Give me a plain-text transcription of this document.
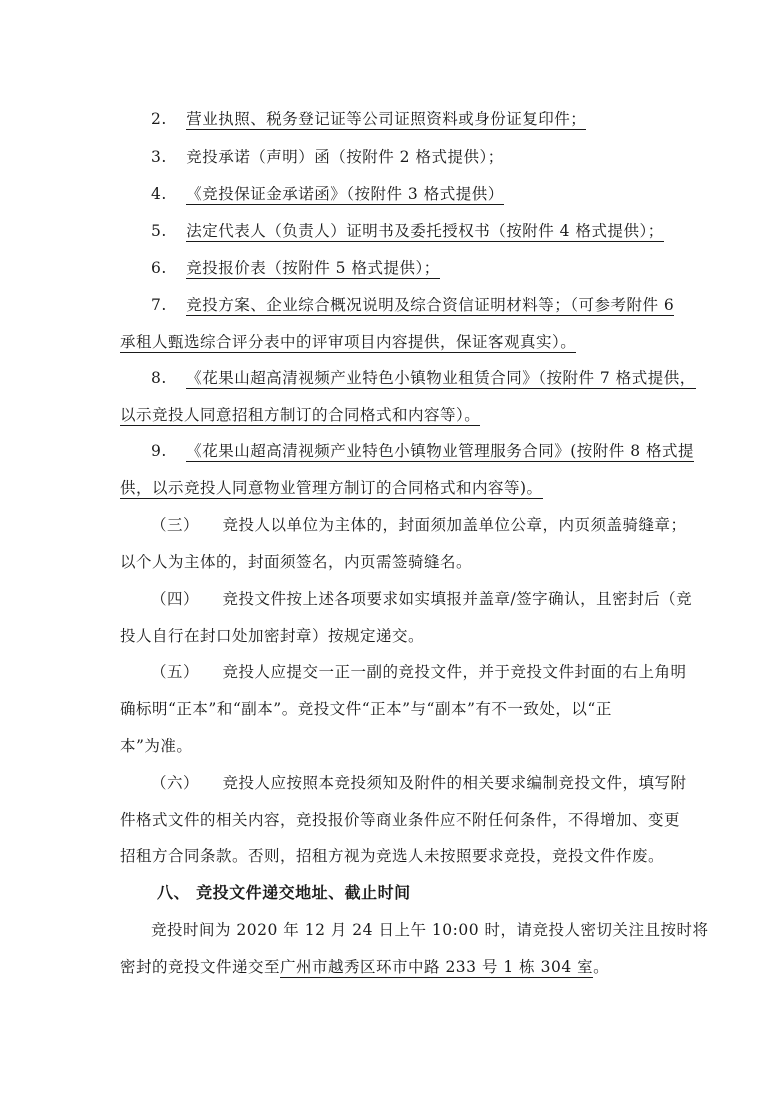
2. 营业执照、税务登记证等公司证照资料或身份证复印件；
3. 竞投承诺（声明）函（按附件 2 格式提供）；
4. 《竞投保证金承诺函》（按附件 3 格式提供）
5. 法定代表人（负责人）证明书及委托授权书（按附件 4 格式提供）；
6. 竞投报价表（按附件 5 格式提供）；
7. 竞投方案、企业综合概况说明及综合资信证明材料等；（可参考附件 6
承租人甄选综合评分表中的评审项目内容提供，保证客观真实）。
8. 《花果山超高清视频产业特色小镇物业租赁合同》（按附件 7 格式提供，
以示竞投人同意招租方制订的合同格式和内容等）。
9. 《花果山超高清视频产业特色小镇物业管理服务合同》(按附件 8 格式提
供，以示竞投人同意物业管理方制订的合同格式和内容等)。
（三） 竞投人以单位为主体的，封面须加盖单位公章，内页须盖骑缝章；
以个人为主体的，封面须签名，内页需签骑缝名。
（四） 竞投文件按上述各项要求如实填报并盖章/签字确认，且密封后（竞
投人自行在封口处加密封章）按规定递交。
（五） 竞投人应提交一正一副的竞投文件，并于竞投文件封面的右上角明
确标明“正本”和“副本”。竞投文件“正本”与“副本”有不一致处，以“正
本”为准。
（六） 竞投人应按照本竞投须知及附件的相关要求编制竞投文件，填写附
件格式文件的相关内容，竞投报价等商业条件应不附任何条件，不得增加、变更
招租方合同条款。否则，招租方视为竞选人未按照要求竞投，竞投文件作废。
八、 竞投文件递交地址、截止时间
竞投时间为 2020 年 12 月 24 日上午 10:00 时，请竞投人密切关注且按时将
密封的竞投文件递交至广州市越秀区环市中路 233 号 1 栋 304 室。
